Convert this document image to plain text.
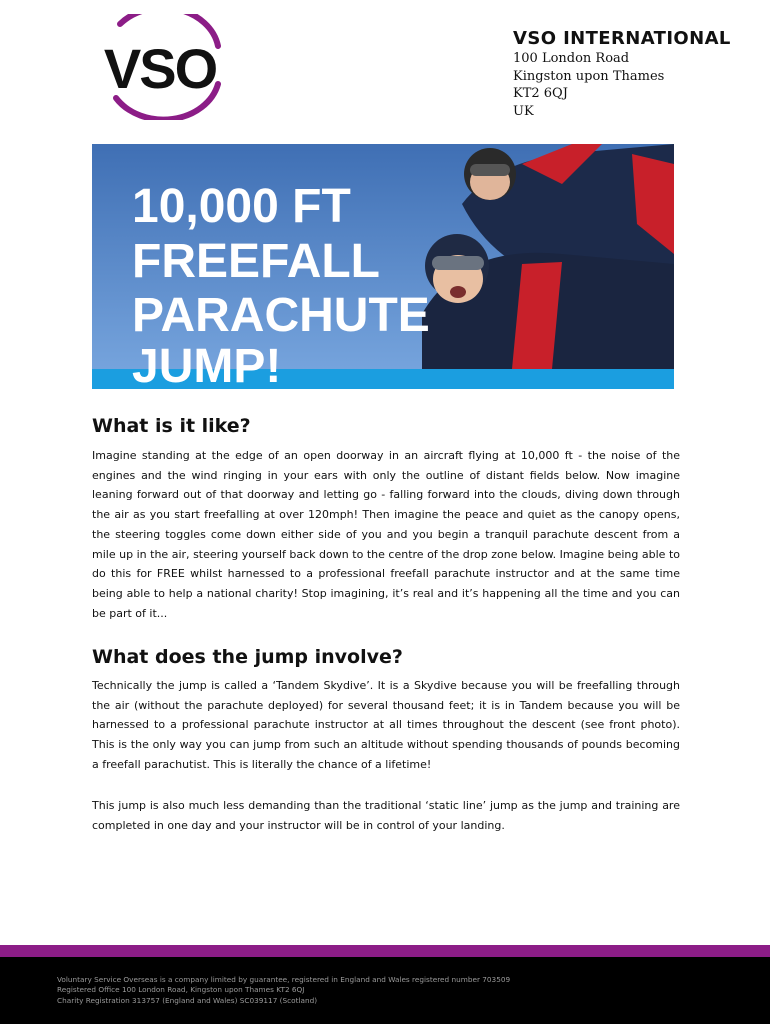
VSO	VSO INTERNATIONAL
100 London Road
Kingston upon Thames
KT2 6QJ
UK
10,000 FT
FREEFALL
PARACHUTE
JUMP!
What is it like?

Imagine standing at the edge of an open doorway in an aircraft flying at 10,000 ft - the noise of the engines and the wind ringing in your ears with only the outline of distant fields below. Now imagine leaning forward out of that doorway and letting go - falling forward into the clouds, diving down through the air as you start freefalling at over 120mph! Then imagine the peace and quiet as the canopy opens, the steering toggles come down either side of you and you begin a tranquil parachute descent from a mile up in the air, steering yourself back down to the centre of the drop zone below. Imagine being able to do this for FREE whilst harnessed to a professional freefall parachute instructor and at the same time being able to help a national charity! Stop imagining, it’s real and it’s happening all the time and you can be part of it...

What does the jump involve?

Technically the jump is called a ‘Tandem Skydive’. It is a Skydive because you will be freefalling through the air (without the parachute deployed) for several thousand feet; it is in Tandem because you will be harnessed to a professional parachute instructor at all times throughout the descent (see front photo). This is the only way you can jump from such an altitude without spending thousands of pounds becoming a freefall parachutist. This is literally the chance of a lifetime!

This jump is also much less demanding than the traditional ‘static line’ jump as the jump and training are completed in one day and your instructor will be in control of your landing.

Voluntary Service Overseas is a company limited by guarantee, registered in England and Wales registered number 703509
Registered Office 100 London Road, Kingston upon Thames KT2 6QJ
Charity Registration 313757 (England and Wales) SC039117 (Scotland)
